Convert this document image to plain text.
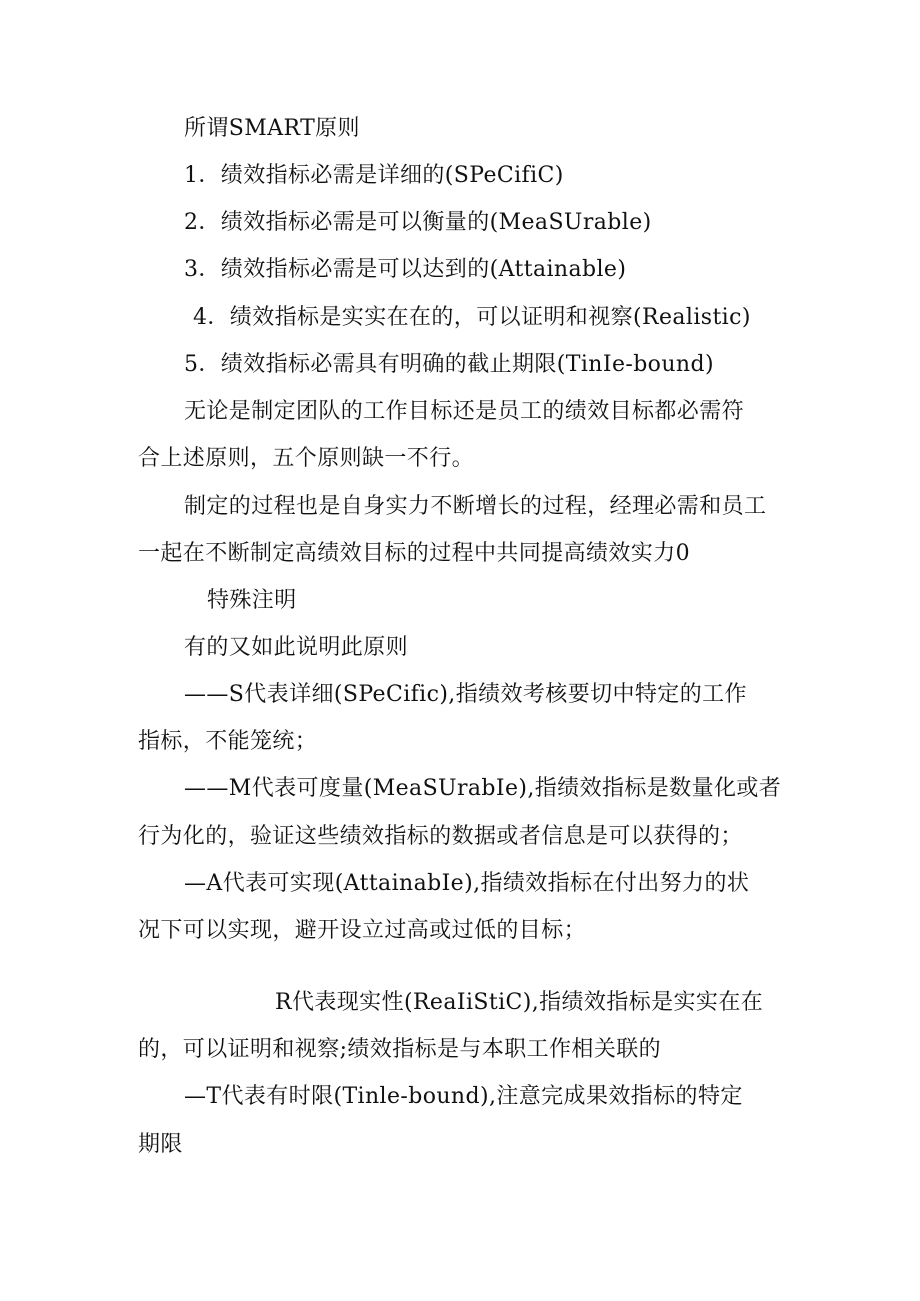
所谓SMART原则
1．绩效指标必需是详细的(SPeCifiC)
2．绩效指标必需是可以衡量的(MeaSUrable)
3．绩效指标必需是可以达到的(Attainable)
4．绩效指标是实实在在的，可以证明和视察(Realistic)
5．绩效指标必需具有明确的截止期限(TinIe-bound)
无论是制定团队的工作目标还是员工的绩效目标都必需符
合上述原则，五个原则缺一不行。
制定的过程也是自身实力不断增长的过程，经理必需和员工
一起在不断制定高绩效目标的过程中共同提高绩效实力0
特殊注明
有的又如此说明此原则
——S代表详细(SPeCific),指绩效考核要切中特定的工作
指标，不能笼统；
——M代表可度量(MeaSUrabIe),指绩效指标是数量化或者
行为化的，验证这些绩效指标的数据或者信息是可以获得的；
—A代表可实现(AttainabIe),指绩效指标在付出努力的状
况下可以实现，避开设立过高或过低的目标；
R代表现实性(ReaIiStiC),指绩效指标是实实在在
的，可以证明和视察;绩效指标是与本职工作相关联的
—T代表有时限(Tinle-bound),注意完成果效指标的特定
期限
